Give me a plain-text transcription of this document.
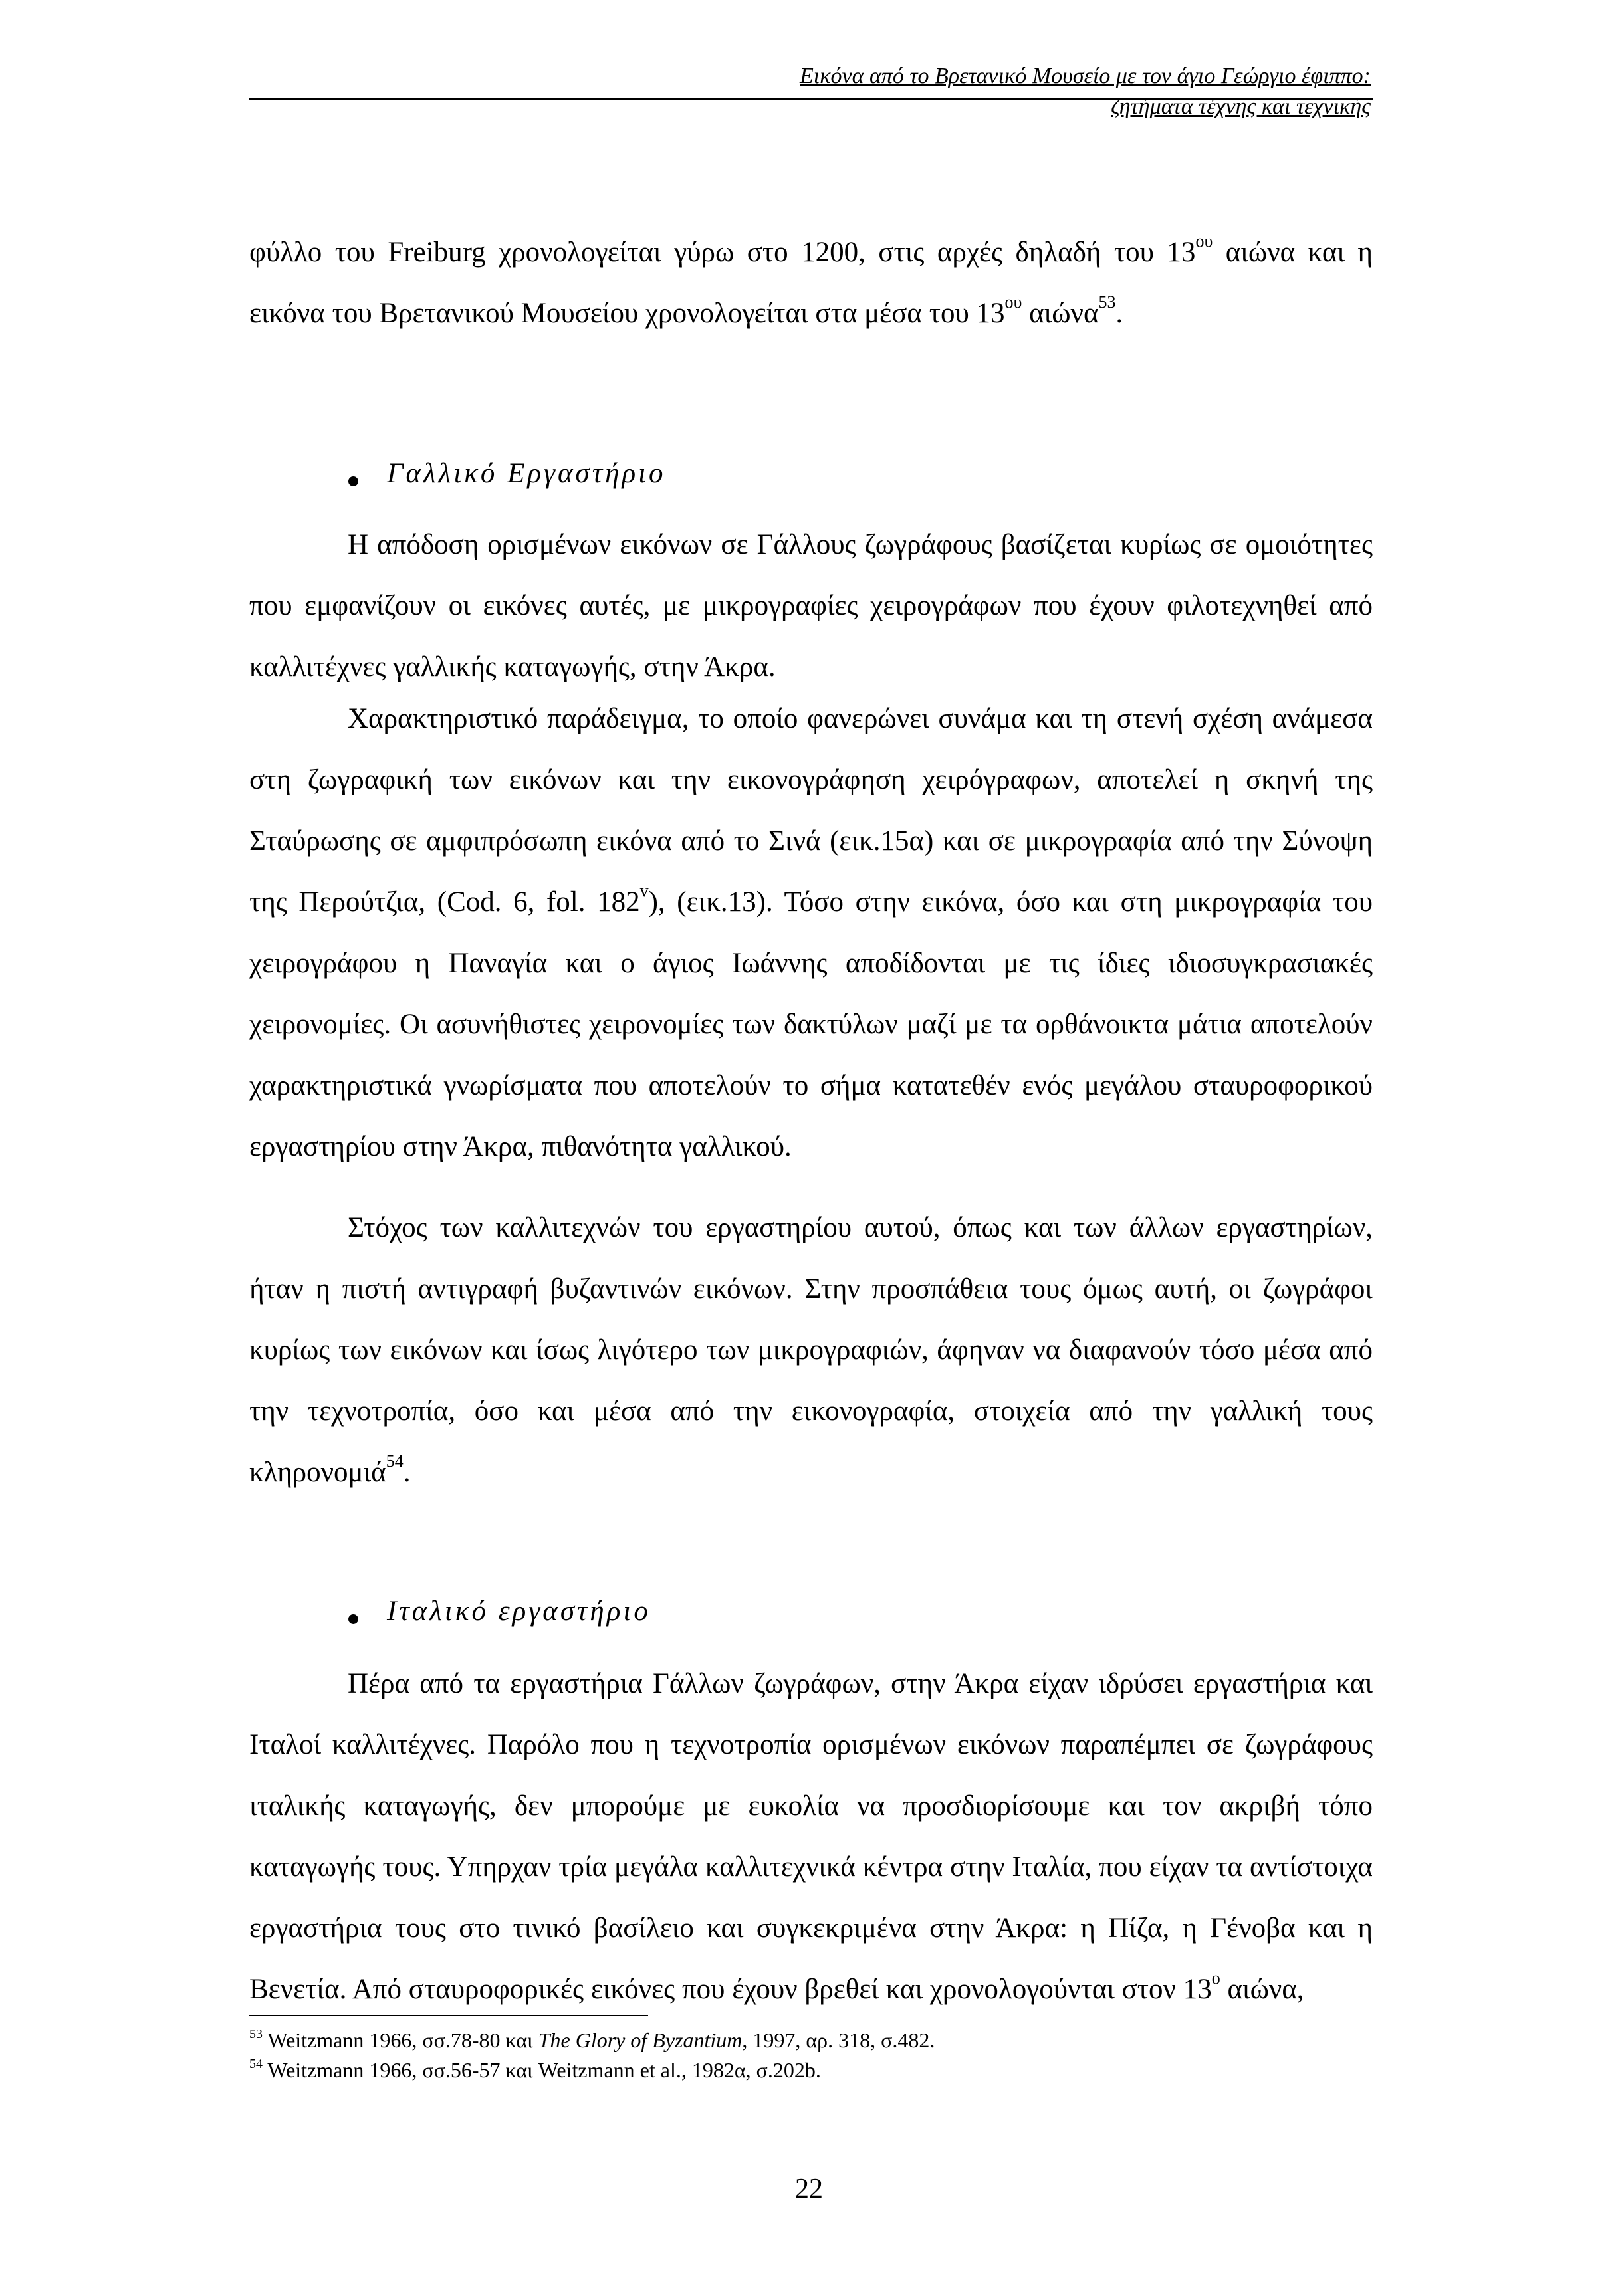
Εικόνα από το Βρετανικό Μουσείο με τον άγιο Γεώργιο έφιππο:
ζητήματα τέχνης και τεχνικής

φύλλο του Freiburg χρονολογείται γύρω στο 1200, στις αρχές δηλαδή του $13^{o\upsilon}$ αιώνα και η εικόνα του Βρετανικού Μουσείου χρονολογείται στα μέσα του $13^{o\upsilon}$ αιώνα$^{53}$.

Γαλλικό Εργαστήριο

Η απόδοση ορισμένων εικόνων σε Γάλλους ζωγράφους βασίζεται κυρίως σε ομοιότητες που εμφανίζουν οι εικόνες αυτές, με μικρογραφίες χειρογράφων που έχουν φιλοτεχνηθεί από καλλιτέχνες γαλλικής καταγωγής, στην Άκρα.

Χαρακτηριστικό παράδειγμα, το οποίο φανερώνει συνάμα και τη στενή σχέση ανάμεσα στη ζωγραφική των εικόνων και την εικονογράφηση χειρόγραφων, αποτελεί η σκηνή της Σταύρωσης σε αμφιπρόσωπη εικόνα από το Σινά (εικ.15α) και σε μικρογραφία από την Σύνοψη της Περούτζια, (Cod. 6, fol. 182$^v$), (εικ.13). Τόσο στην εικόνα, όσο και στη μικρογραφία του χειρογράφου η Παναγία και ο άγιος Ιωάννης αποδίδονται με τις ίδιες ιδιοσυγκρασιακές χειρονομίες. Οι ασυνήθιστες χειρονομίες των δακτύλων μαζί με τα ορθάνοικτα μάτια αποτελούν χαρακτηριστικά γνωρίσματα που αποτελούν το σήμα κατατεθέν ενός μεγάλου σταυροφορικού εργαστηρίου στην Άκρα, πιθανότητα γαλλικού.

Στόχος των καλλιτεχνών του εργαστηρίου αυτού, όπως και των άλλων εργαστηρίων, ήταν η πιστή αντιγραφή βυζαντινών εικόνων. Στην προσπάθεια τους όμως αυτή, οι ζωγράφοι κυρίως των εικόνων και ίσως λιγότερο των μικρογραφιών, άφηναν να διαφανούν τόσο μέσα από την τεχνοτροπία, όσο και μέσα από την εικονογραφία, στοιχεία από την γαλλική τους κληρονομιά$^{54}$.

Ιταλικό εργαστήριο

Πέρα από τα εργαστήρια Γάλλων ζωγράφων, στην Άκρα είχαν ιδρύσει εργαστήρια και Ιταλοί καλλιτέχνες. Παρόλο που η τεχνοτροπία ορισμένων εικόνων παραπέμπει σε ζωγράφους ιταλικής καταγωγής, δεν μπορούμε με ευκολία να προσδιορίσουμε και τον ακριβή τόπο καταγωγής τους. Υπηρχαν τρία μεγάλα καλλιτεχνικά κέντρα στην Ιταλία, που είχαν τα αντίστοιχα εργαστήρια τους στο τινικό βασίλειο και συγκεκριμένα στην Άκρα: η Πίζα, η Γένοβα και η Βενετία. Από σταυροφορικές εικόνες που έχουν βρεθεί και χρονολογούνται στον $13^o$ αιώνα,

$^{53}$ Weitzmann 1966, σσ.78-80 και The Glory of Byzantium, 1997, αρ. 318, σ.482.
$^{54}$ Weitzmann 1966, σσ.56-57 και Weitzmann et al., 1982α, σ.202b.
22
